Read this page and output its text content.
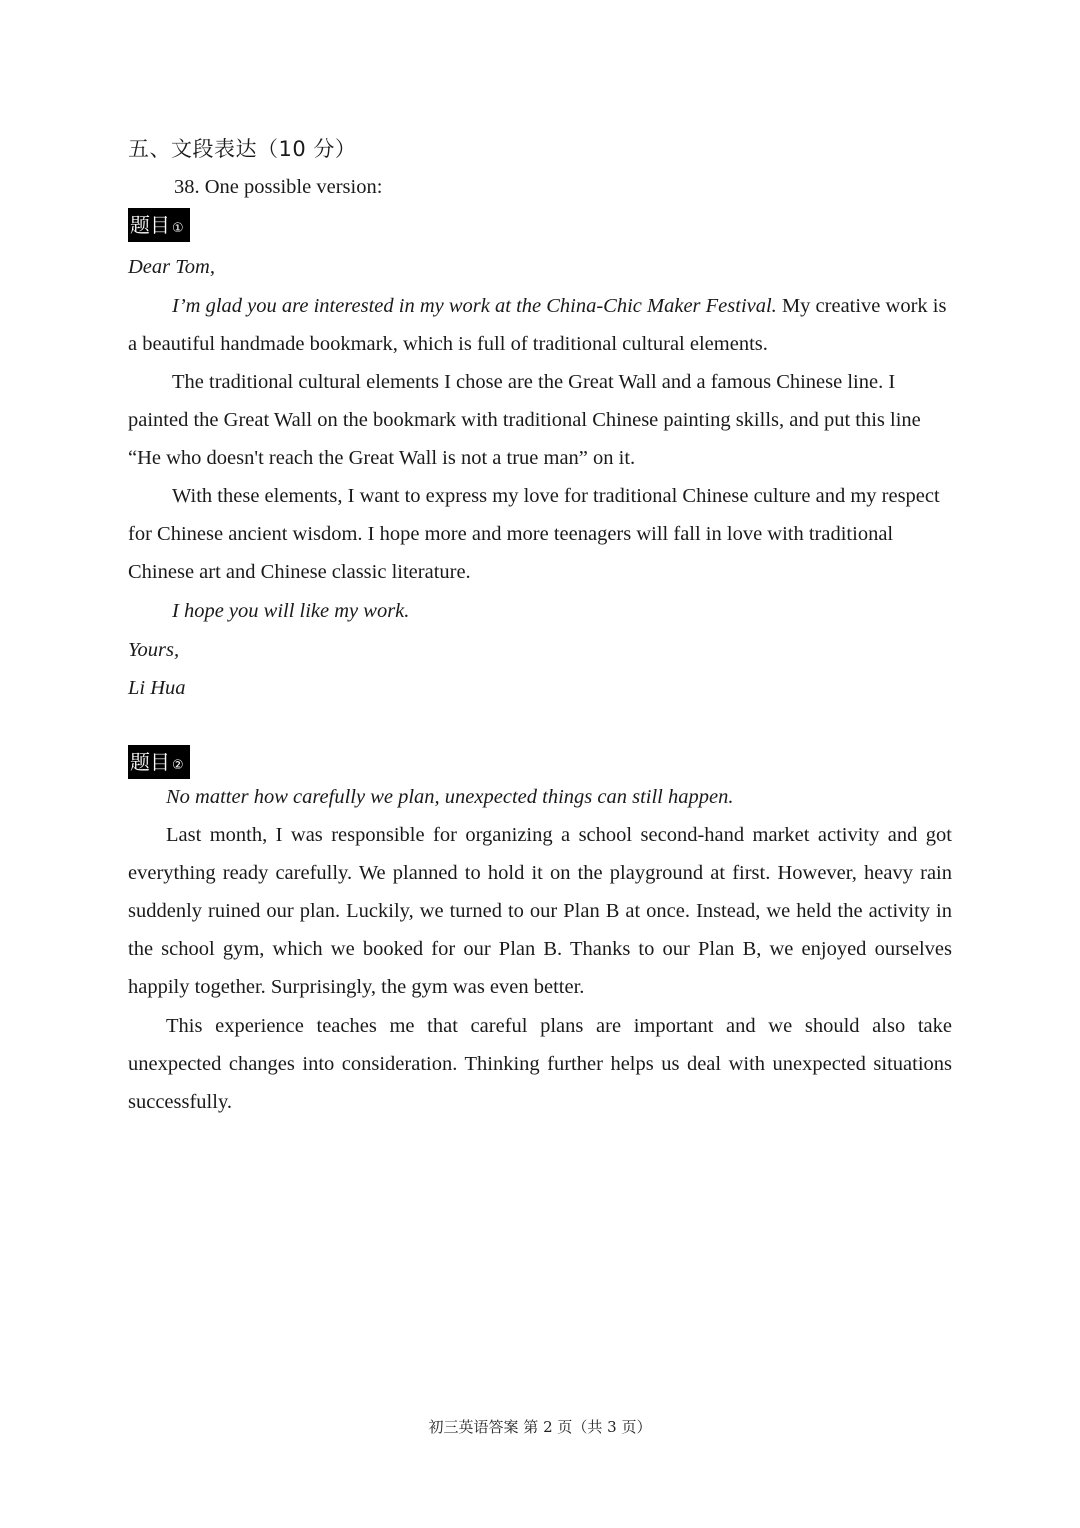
五、文段表达（10 分）

38. One possible version:

题目 ①

Dear Tom,

I’m glad you are interested in my work at the China-Chic Maker Festival. My creative work is a beautiful handmade bookmark, which is full of traditional cultural elements.

The traditional cultural elements I chose are the Great Wall and a famous Chinese line. I painted the Great Wall on the bookmark with traditional Chinese painting skills, and put this line “He who doesn't reach the Great Wall is not a true man” on it.

With these elements, I want to express my love for traditional Chinese culture and my respect for Chinese ancient wisdom. I hope more and more teenagers will fall in love with traditional Chinese art and Chinese classic literature.

I hope you will like my work.

Yours,

Li Hua

题目 ②

No matter how carefully we plan, unexpected things can still happen.

Last month, I was responsible for organizing a school second-hand market activity and got everything ready carefully. We planned to hold it on the playground at first. However, heavy rain suddenly ruined our plan. Luckily, we turned to our Plan B at once. Instead, we held the activity in the school gym, which we booked for our Plan B. Thanks to our Plan B, we enjoyed ourselves happily together. Surprisingly, the gym was even better.

This experience teaches me that careful plans are important and we should also take unexpected changes into consideration. Thinking further helps us deal with unexpected situations successfully.

初三英语答案 第 2 页（共 3 页）
